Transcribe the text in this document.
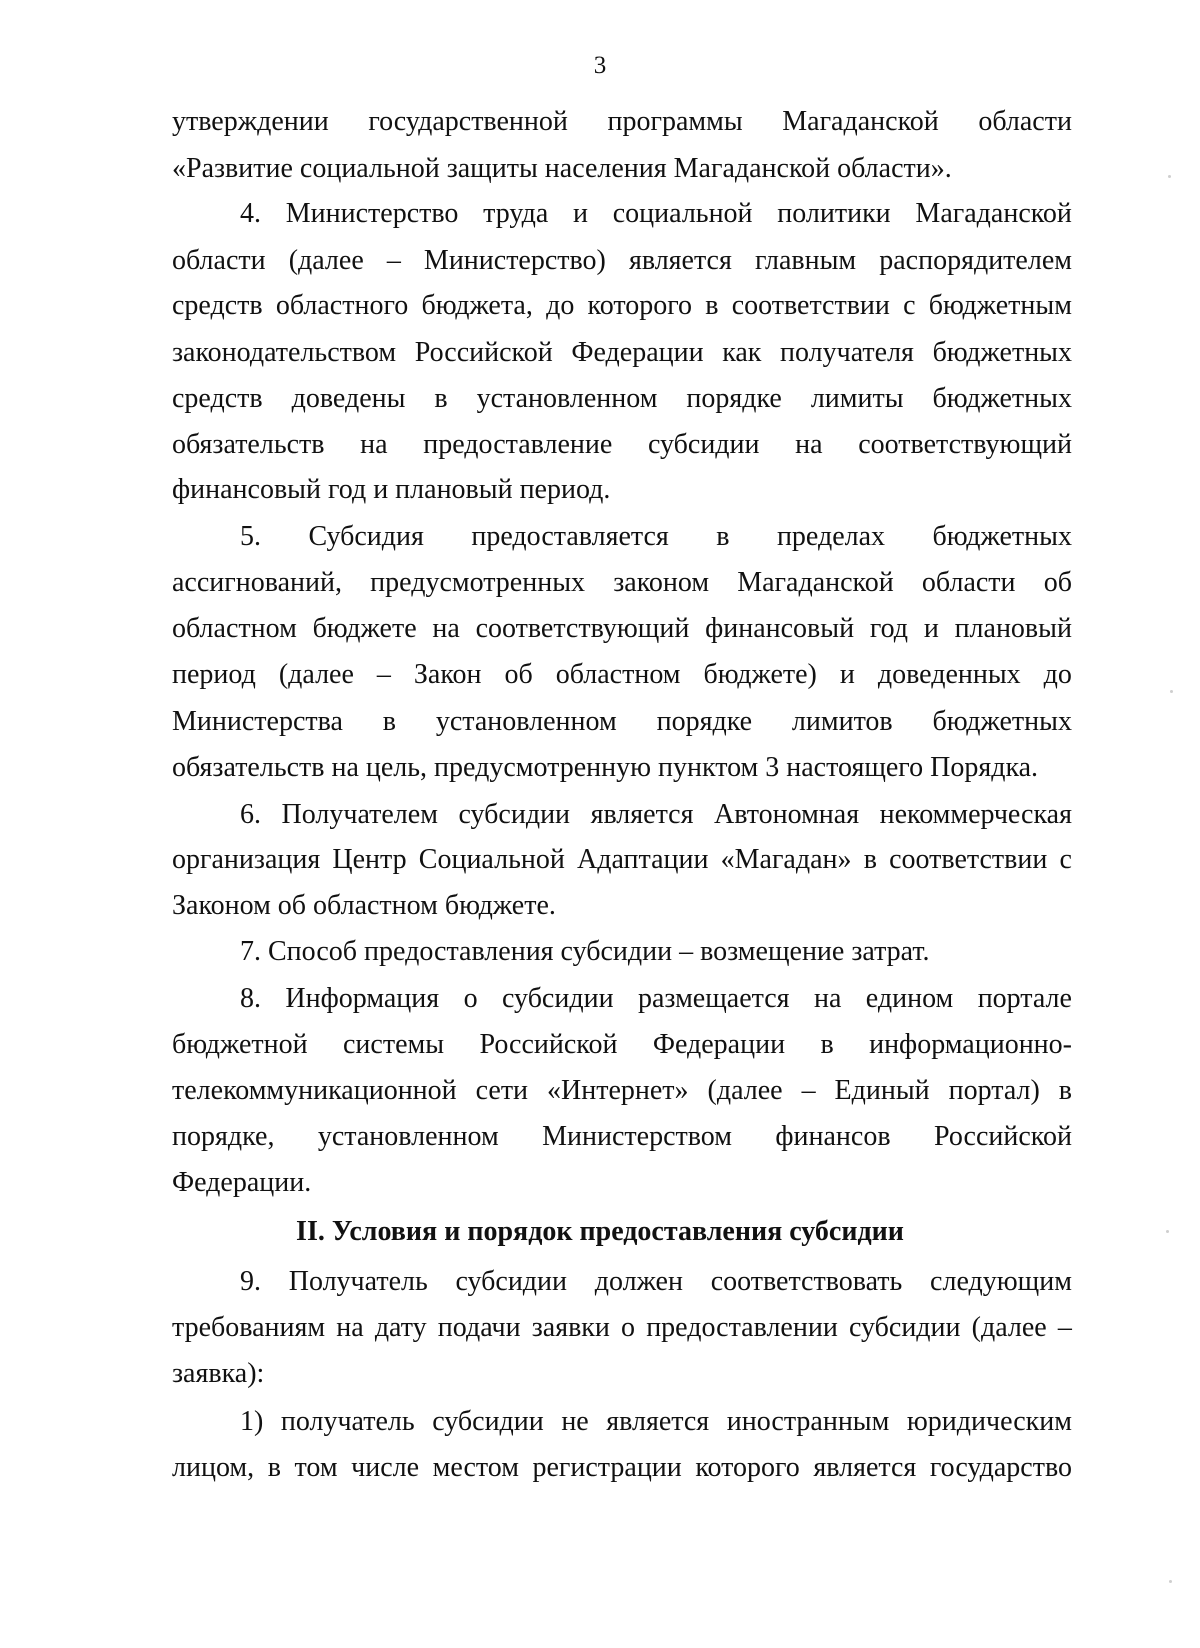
3
утверждении государственной программы Магаданской области
«Развитие социальной защиты населения Магаданской области».
4. Министерство труда и социальной политики Магаданской
области (далее – Министерство) является главным распорядителем
средств областного бюджета, до которого в соответствии с бюджетным
законодательством Российской Федерации как получателя бюджетных
средств доведены в установленном порядке лимиты бюджетных
обязательств на предоставление субсидии на соответствующий
финансовый год и плановый период.
5. Субсидия предоставляется в пределах бюджетных
ассигнований, предусмотренных законом Магаданской области об
областном бюджете на соответствующий финансовый год и плановый
период (далее – Закон об областном бюджете) и доведенных до
Министерства в установленном порядке лимитов бюджетных
обязательств на цель, предусмотренную пунктом 3 настоящего Порядка.
6. Получателем субсидии является Автономная некоммерческая
организация Центр Социальной Адаптации «Магадан» в соответствии с
Законом об областном бюджете.
7. Способ предоставления субсидии – возмещение затрат.
8. Информация о субсидии размещается на едином портале
бюджетной системы Российской Федерации в информационно-
телекоммуникационной сети «Интернет» (далее – Единый портал) в
порядке, установленном Министерством финансов Российской
Федерации.
II. Условия и порядок предоставления субсидии
9. Получатель субсидии должен соответствовать следующим
требованиям на дату подачи заявки о предоставлении субсидии (далее –
заявка):
1) получатель субсидии не является иностранным юридическим
лицом, в том числе местом регистрации которого является государство
